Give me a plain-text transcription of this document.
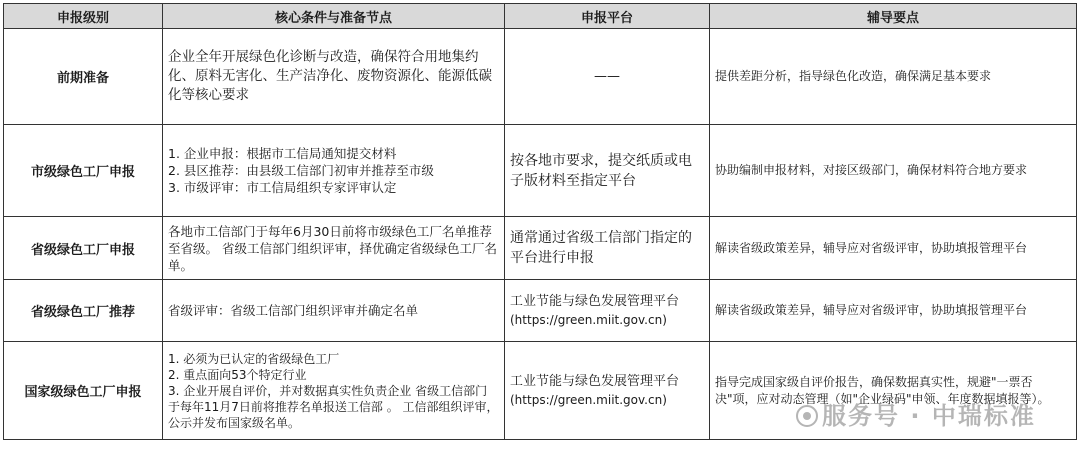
申报级别	核心条件与准备节点	申报平台	辅导要点
前期准备	企业全年开展绿色化诊断与改造，确保符合用地集约化、原料无害化、生产洁净化、废物资源化、能源低碳化等核心要求	——	提供差距分析，指导绿色化改造，确保满足基本要求
市级绿色工厂申报	1. 企业申报：根据市工信局通知提交材料
2. 县区推荐：由县级工信部门初审并推荐至市级
3. 市级评审：市工信局组织专家评审认定	按各地市要求，提交纸质或电子版材料至指定平台	协助编制申报材料，对接区级部门，确保材料符合地方要求
省级绿色工厂申报	各地市工信部门于每年6月30日前将市级绿色工厂名单推荐至省级。 省级工信部门组织评审，择优确定省级绿色工厂名单。	通常通过省级工信部门指定的平台进行申报	解读省级政策差异，辅导应对省级评审，协助填报管理平台
省级绿色工厂推荐	省级评审：省级工信部门组织评审并确定名单	工业节能与绿色发展管理平台
(https://green.miit.gov.cn)	解读省级政策差异，辅导应对省级评审，协助填报管理平台
国家级绿色工厂申报	1. 必须为已认定的省级绿色工厂
2. 重点面向53个特定行业
3. 企业开展自评价，并对数据真实性负责企业 省级工信部门于每年11月7日前将推荐名单报送工信部 。 工信部组织评审，公示并发布国家级名单。	工业节能与绿色发展管理平台
(https://green.miit.gov.cn)	指导完成国家级自评价报告，确保数据真实性，规避"一票否决"项，应对动态管理（如"企业绿码"申领、年度数据填报等）。
服务号 · 中瑞标准
